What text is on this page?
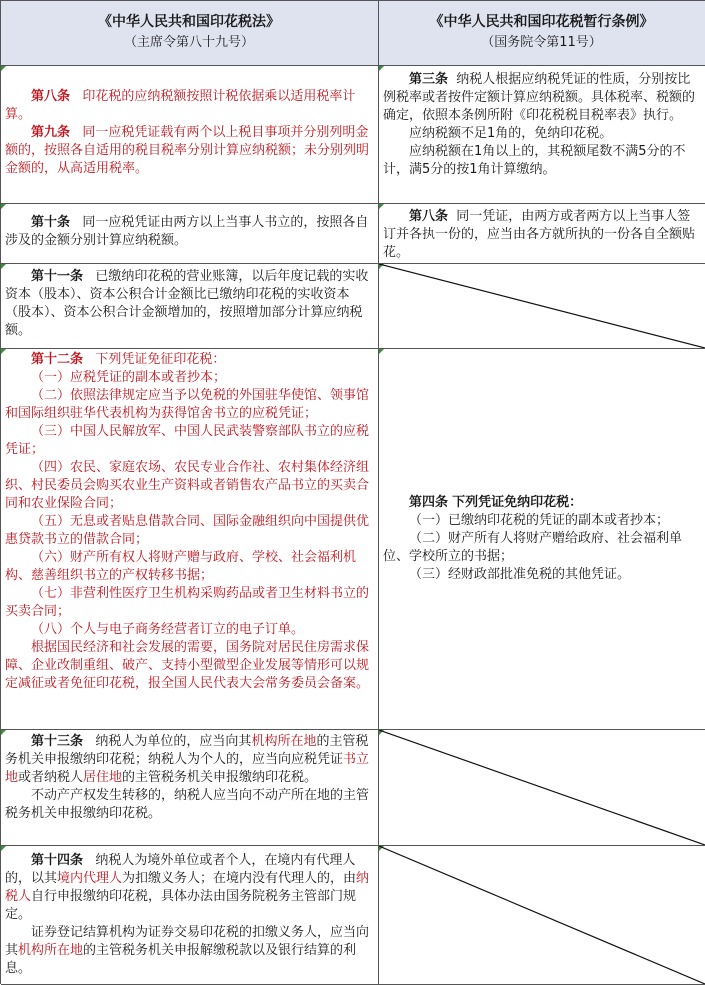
《中华人民共和国印花税法》
（主席令第八十九号）
《中华人民共和国印花税暂行条例》
（国务院令第11号）

第八条 印花税的应纳税额按照计税依据乘以适用税率计算。

第九条 同一应税凭证载有两个以上税目事项并分别列明金额的，按照各自适用的税目税率分别计算应纳税额；未分别列明金额的，从高适用税率。

第三条 纳税人根据应纳税凭证的性质，分别按比例税率或者按件定额计算应纳税额。具体税率、税额的确定，依照本条例所附《印花税税目税率表》执行。

应纳税额不足1角的，免纳印花税。

应纳税额在1角以上的，其税额尾数不满5分的不计，满5分的按1角计算缴纳。

第十条 同一应税凭证由两方以上当事人书立的，按照各自涉及的金额分别计算应纳税额。

第八条 同一凭证，由两方或者两方以上当事人签订并各执一份的，应当由各方就所执的一份各自全额贴花。

第十一条 已缴纳印花税的营业账簿，以后年度记载的实收资本（股本）、资本公积合计金额比已缴纳印花税的实收资本（股本）、资本公积合计金额增加的，按照增加部分计算应纳税额。

第十二条 下列凭证免征印花税：

（一）应税凭证的副本或者抄本；

（二）依照法律规定应当予以免税的外国驻华使馆、领事馆和国际组织驻华代表机构为获得馆舍书立的应税凭证；

（三）中国人民解放军、中国人民武装警察部队书立的应税凭证；

（四）农民、家庭农场、农民专业合作社、农村集体经济组织、村民委员会购买农业生产资料或者销售农产品书立的买卖合同和农业保险合同；

（五）无息或者贴息借款合同、国际金融组织向中国提供优惠贷款书立的借款合同；

（六）财产所有权人将财产赠与政府、学校、社会福利机构、慈善组织书立的产权转移书据；

（七）非营利性医疗卫生机构采购药品或者卫生材料书立的买卖合同；

（八）个人与电子商务经营者订立的电子订单。

根据国民经济和社会发展的需要，国务院对居民住房需求保障、企业改制重组、破产、支持小型微型企业发展等情形可以规定减征或者免征印花税，报全国人民代表大会常务委员会备案。

第四条 下列凭证免纳印花税：

（一）已缴纳印花税的凭证的副本或者抄本；

（二）财产所有人将财产赠给政府、社会福利单位、学校所立的书据；

（三）经财政部批准免税的其他凭证。

第十三条 纳税人为单位的，应当向其机构所在地的主管税务机关申报缴纳印花税；纳税人为个人的，应当向应税凭证书立地或者纳税人居住地的主管税务机关申报缴纳印花税。

不动产产权发生转移的，纳税人应当向不动产所在地的主管税务机关申报缴纳印花税。

第十四条 纳税人为境外单位或者个人，在境内有代理人的，以其境内代理人为扣缴义务人；在境内没有代理人的，由纳税人自行申报缴纳印花税，具体办法由国务院税务主管部门规定。

证券登记结算机构为证券交易印花税的扣缴义务人，应当向其机构所在地的主管税务机关申报解缴税款以及银行结算的利息。
